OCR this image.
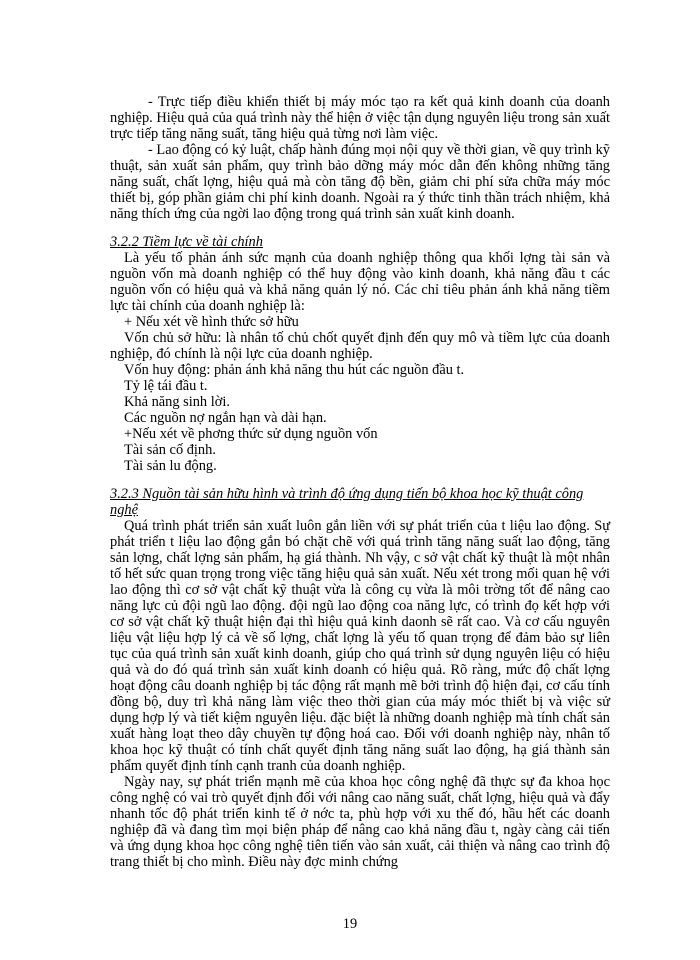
- Trực tiếp điều khiển thiết bị máy móc tạo ra kết quả kinh doanh của doanh nghiệp. Hiệu quả của quá trình này thể hiện ở việc tận dụng nguyên liệu trong sản xuất trực tiếp tăng năng suất, tăng hiệu quả từng nơi làm việc.

- Lao động có kỷ luật, chấp hành đúng mọi nội quy về thời gian, về quy trình kỹ thuật, sản xuất sản phẩm, quy trình bảo dỡng máy móc dẫn đến không những tăng năng suất, chất lợng, hiệu quả mà còn tăng độ bền, giảm chi phí sửa chữa máy móc thiết bị, góp phần giảm chi phí kinh doanh. Ngoài ra ý thức tinh thần trách nhiệm, khả năng thích ứng của ngời lao động trong quá trình sản xuất kinh doanh.

3.2.2 Tiềm lực về tài chính

Là yếu tố phản ánh sức mạnh của doanh nghiệp thông qua khối lợng tài sản và nguồn vốn mà doanh nghiệp có thể huy động vào kinh doanh, khả năng đầu t các nguồn vốn có hiệu quả và khả năng quản lý nó. Các chỉ tiêu phản ánh khả năng tiềm lực tài chính của doanh nghiệp là:

+ Nếu xét về hình thức sở hữu

Vốn chủ sở hữu: là nhân tố chủ chốt quyết định đến quy mô và tiềm lực của doanh nghiệp, đó chính là nội lực của doanh nghiệp.

Vốn huy động: phản ánh khả năng thu hút các nguồn đầu t.

Tỷ lệ tái đầu t.

Khả năng sinh lời.

Các nguồn nợ ngắn hạn và dài hạn.

+Nếu xét về phơng thức sử dụng nguồn vốn

Tài sản cố định.

Tài sản lu động.

3.2.3 Nguồn tài sản hữu hình và trình độ ứng dụng tiến bộ khoa học kỹ thuật công nghệ

Quá trình phát triển sản xuất luôn gắn liền với sự phát triển của t liệu lao động. Sự phát triển t liệu lao động gắn bó chặt chẽ với quá trình tăng năng suất lao động, tăng sản lợng, chất lợng sản phẩm, hạ giá thành. Nh vậy, c sở vật chất kỹ thuật là một nhân tố hết sức quan trọng trong việc tăng hiệu quả sản xuất. Nếu xét trong mối quan hệ với lao động thì cơ sở vật chất kỹ thuật vừa là công cụ vừa là môi trờng tốt để nâng cao năng lực củ đội ngũ lao động. đội ngũ lao động coa năng lực, có trình đọ kết hợp với cơ sở vật chất kỹ thuật hiện đại thì hiệu quả kinh daonh sẽ rất cao. Và cơ cấu nguyên liệu vật liệu hợp lý cả về số lợng, chất lợng là yếu tố quan trọng để đảm bảo sự liên tục của quá trình sản xuất kinh doanh, giúp cho quá trình sử dụng nguyên liệu có hiệu quả và do đó quá trình sản xuất kinh doanh có hiệu quả. Rõ ràng, mức độ chất lợng hoạt động câu doanh nghiệp bị tác động rất mạnh mẽ bởi trình độ hiện đại, cơ cấu tính đồng bộ, duy trì khả năng làm việc theo thời gian của máy móc thiết bị và việc sử dụng hợp lý và tiết kiệm nguyên liệu. đặc biệt là những doanh nghiệp mà tính chất sản xuất hàng loạt theo dây chuyền tự động hoá cao. Đối với doanh nghiệp này, nhân tố khoa học kỹ thuật có tính chất quyết định tăng năng suất lao động, hạ giá thành sản phẩm quyết định tính cạnh tranh của doanh nghiệp.

Ngày nay, sự phát triển mạnh mẽ của khoa học công nghệ đã thực sự đa khoa học công nghệ có vai trò quyết định đối với nâng cao năng suất, chất lợng, hiệu quả và đẩy nhanh tốc độ phát triển kinh tế ở nớc ta, phù hợp với xu thế đó, hầu hết các doanh nghiệp đã và đang tìm mọi biện pháp để nâng cao khả năng đầu t, ngày càng cải tiến và ứng dụng khoa học công nghệ tiên tiến vào sản xuất, cải thiện và nâng cao trình độ trang thiết bị cho mình. Điều này đợc minh chứng

19
